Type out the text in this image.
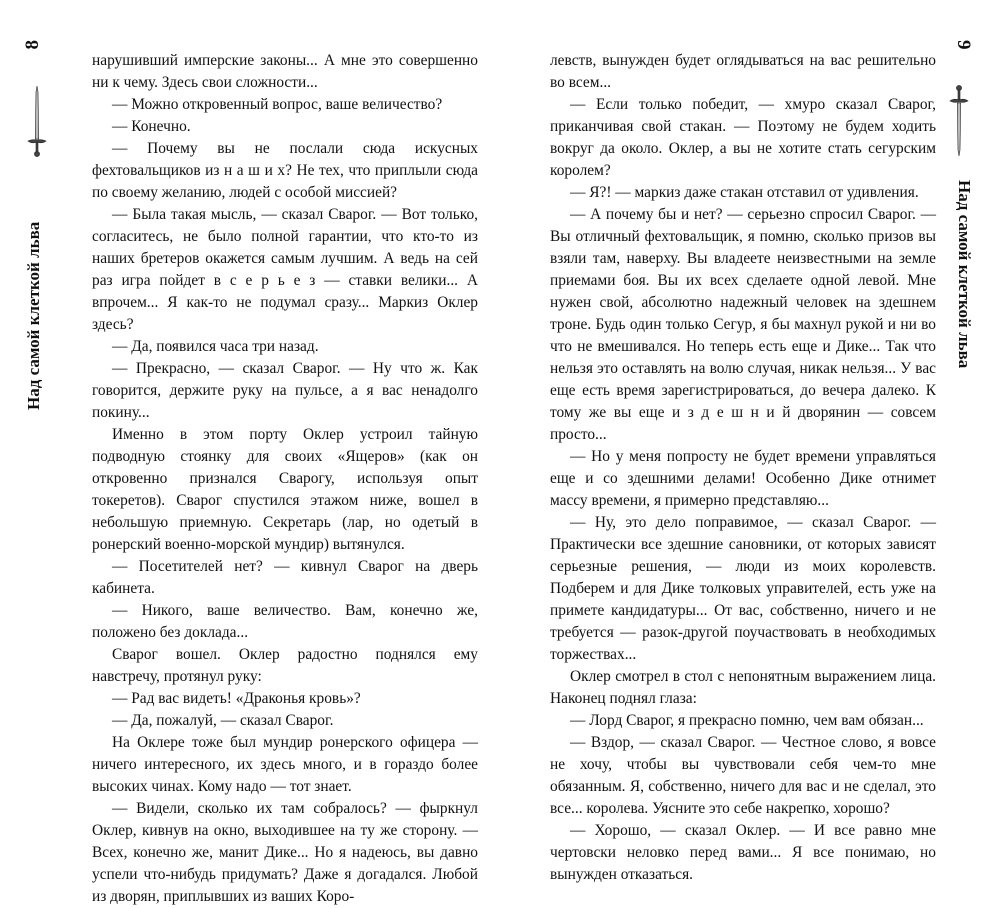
8
Над самой клеткой льва

нарушивший имперские законы... А мне это совершенно ни к чему. Здесь свои сложности...

— Можно откровенный вопрос, ваше величество?

— Конечно.

— Почему вы не послали сюда искусных фехтовальщиков из н а ш и х? Не тех, что приплыли сюда по своему желанию, людей с особой миссией?

— Была такая мысль, — сказал Сварог. — Вот только, согласитесь, не было полной гарантии, что кто-то из наших бретеров окажется самым лучшим. А ведь на сей раз игра пойдет в с е р ь е з — ставки велики... А впрочем... Я как-то не подумал сразу... Маркиз Оклер здесь?

— Да, появился часа три назад.

— Прекрасно, — сказал Сварог. — Ну что ж. Как говорится, держите руку на пульсе, а я вас ненадолго покину...

Именно в этом порту Оклер устроил тайную подводную стоянку для своих «Ящеров» (как он откровенно признался Сварогу, используя опыт токеретов). Сварог спустился этажом ниже, вошел в небольшую приемную. Секретарь (лар, но одетый в ронерский военно-морской мундир) вытянулся.

— Посетителей нет? — кивнул Сварог на дверь кабинета.

— Никого, ваше величество. Вам, конечно же, положено без доклада...

Сварог вошел. Оклер радостно поднялся ему навстречу, протянул руку:

— Рад вас видеть! «Драконья кровь»?

— Да, пожалуй, — сказал Сварог.

На Оклере тоже был мундир ронерского офицера — ничего интересного, их здесь много, и в гораздо более высоких чинах. Кому надо — тот знает.

— Видели, сколько их там собралось? — фыркнул Оклер, кивнув на окно, выходившее на ту же сторону. — Всех, конечно же, манит Дике... Но я надеюсь, вы давно успели что-нибудь придумать? Даже я догадался. Любой из дворян, приплывших из ваших Коро-

9
Над самой клеткой льва

левств, вынужден будет оглядываться на вас решительно во всем...

— Если только победит, — хмуро сказал Сварог, приканчивая свой стакан. — Поэтому не будем ходить вокруг да около. Оклер, а вы не хотите стать сегурским королем?

— Я?! — маркиз даже стакан отставил от удивления.

— А почему бы и нет? — серьезно спросил Сварог. — Вы отличный фехтовальщик, я помню, сколько призов вы взяли там, наверху. Вы владеете неизвестными на земле приемами боя. Вы их всех сделаете одной левой. Мне нужен свой, абсолютно надежный человек на здешнем троне. Будь один только Сегур, я бы махнул рукой и ни во что не вмешивался. Но теперь есть еще и Дике... Так что нельзя это оставлять на волю случая, никак нельзя... У вас еще есть время зарегистрироваться, до вечера далеко. К тому же вы еще и з д е ш н и й дворянин — совсем просто...

— Но у меня попросту не будет времени управляться еще и со здешними делами! Особенно Дике отнимет массу времени, я примерно представляю...

— Ну, это дело поправимое, — сказал Сварог. — Практически все здешние сановники, от которых зависят серьезные решения, — люди из моих королевств. Подберем и для Дике толковых управителей, есть уже на примете кандидатуры... От вас, собственно, ничего и не требуется — разок-другой поучаствовать в необходимых торжествах...

Оклер смотрел в стол с непонятным выражением лица. Наконец поднял глаза:

— Лорд Сварог, я прекрасно помню, чем вам обязан...

— Вздор, — сказал Сварог. — Честное слово, я вовсе не хочу, чтобы вы чувствовали себя чем-то мне обязанным. Я, собственно, ничего для вас и не сделал, это все... королева. Уясните это себе накрепко, хорошо?

— Хорошо, — сказал Оклер. — И все равно мне чертовски неловко перед вами... Я все понимаю, но вынужден отказаться.
